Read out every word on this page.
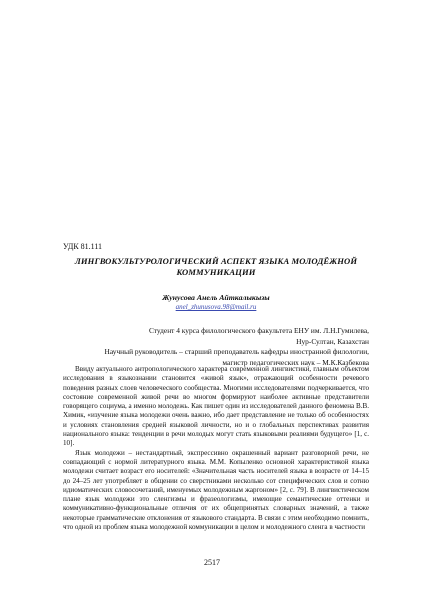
УДК 81.111
ЛИНГВОКУЛЬТУРОЛОГИЧЕСКИЙ АСПЕКТ ЯЗЫКА МОЛОДЁЖНОЙ КОММУНИКАЦИИ
Жунусова Анель Айткалыкызы
anel_zhunusova.98@mail.ru
Студент 4 курса филологического факультета ЕНУ им. Л.Н.Гумилева,
Нур-Султан, Казахстан
Научный руководитель – старший преподаватель кафедры иностранной филологии,
магистр педагогических наук – М.К.Казбекова

Ввиду актуального антропологического характера современной лингвистики, главным объектом исследования в языкознании становится «живой язык», отражающий особенности речевого поведения разных слоев человеческого сообщества. Многими исследователями подчеркивается, что состояние современной живой речи во многом формируют наиболее активные представители говорящего социума, а именно молодежь. Как пишет один из исследователей данного феномена В.В. Химик, «изучение языка молодежи очень важно, ибо дает представление не только об особенностях и условиях становления средней языковой личности, но и о глобальных перспективах развития национального языка: тенденции в речи молодых могут стать языковыми реалиями будущего» [1, с. 10].

Язык молодежи – нестандартный, экспрессивно окрашенный вариант разговорной речи, не совпадающий с нормой литературного языка. М.М. Копыленко основной характеристикой языка молодежи считает возраст его носителей: «Значительная часть носителей языка в возрасте от 14–15 до 24–25 лет употребляет в общении со сверстниками несколько сот специфических слов и сотню идиоматических словосочетаний, именуемых молодежным жаргоном» [2, с. 79]. В лингвистическом плане язык молодежи это сленгизмы и фразеологизмы, имеющие семантические оттенки и коммуникативно-функциональные отличия от их общепринятых словарных значений, а также некоторые грамматические отклонения от языкового стандарта. В связи с этим необходимо помнить, что одной из проблем языка молодежной коммуникации в целом и молодежного сленга в частности

2517
